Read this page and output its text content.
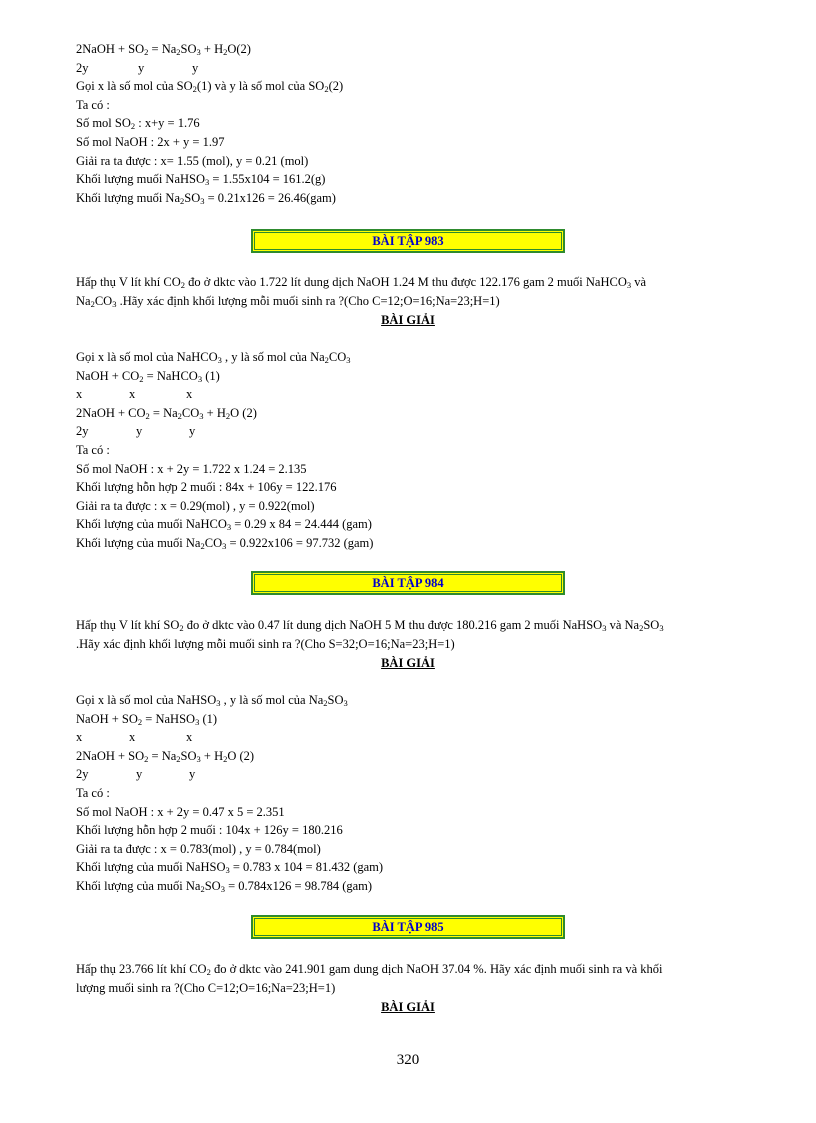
2NaOH + $SO_2 = Na_2SO_3 + H_2O(2)$
2y	y	y
Gọi x là số mol của $SO_2(1)$ và y là số mol của $SO_2(2)$
Ta có :
Số mol $SO_2$ : x+y = 1.76
Số mol NaOH : 2x + y = 1.97
Giải ra ta được : x= 1.55 (mol), y = 0.21 (mol)
Khối lượng muối NaHSO$_3$ = 1.55x104 = 161.2(g)
Khối lượng muối $Na_2SO_3 = 0.21x126 = 26.46(gam)$
BÀI TẬP 983
Hấp thụ V lít khí $CO_2$ đo ở dktc vào 1.722 lít dung dịch NaOH 1.24 M thu được 122.176 gam 2 muối NaHCO$_3$ và
$Na_2CO_3$ .Hãy xác định khối lượng mỗi muối sinh ra ?(Cho C=12;O=16;Na=23;H=1)
BÀI GIẢI
Gọi x là số mol của NaHCO$_3$ , y là số mol của $Na_2CO_3$
NaOH + $CO_2$ = NaHCO$_3$ (1)
x	x	x
2NaOH + $CO_2 = Na_2CO_3 + H_2O$ (2)
2y	y	y
Ta có :
Số mol NaOH : x + 2y = 1.722 x 1.24 = 2.135
Khối lượng hỗn hợp 2 muối : 84x + 106y = 122.176
Giải ra ta được : x = 0.29(mol) , y = 0.922(mol)
Khối lượng của muối NaHCO$_3$ = 0.29 x 84 = 24.444 (gam)
Khối lượng của muối $Na_2CO_3 = 0.922x106 = 97.732$ (gam)
BÀI TẬP 984
Hấp thụ V lít khí $SO_2$ đo ở dktc vào 0.47 lít dung dịch NaOH 5 M thu được 180.216 gam 2 muối NaHSO$_3$ và $Na_2SO_3$
.Hãy xác định khối lượng mỗi muối sinh ra ?(Cho S=32;O=16;Na=23;H=1)
BÀI GIẢI
Gọi x là số mol của NaHSO$_3$ , y là số mol của $Na_2SO_3$
NaOH + $SO_2$ = NaHSO$_3$ (1)
x	x	x
2NaOH + $SO_2 = Na_2SO_3 + H_2O$ (2)
2y	y	y
Ta có :
Số mol NaOH : x + 2y = 0.47 x 5 = 2.351
Khối lượng hỗn hợp 2 muối : 104x + 126y = 180.216
Giải ra ta được : x = 0.783(mol) , y = 0.784(mol)
Khối lượng của muối NaHSO$_3$ = 0.783 x 104 = 81.432 (gam)
Khối lượng của muối $Na_2SO_3 = 0.784x126 = 98.784$ (gam)
BÀI TẬP 985
Hấp thụ 23.766 lít khí $CO_2$ đo ở dktc vào 241.901 gam dung dịch NaOH 37.04 %. Hãy xác định muối sinh ra và khối
lượng muối sinh ra ?(Cho C=12;O=16;Na=23;H=1)
BÀI GIẢI
320
